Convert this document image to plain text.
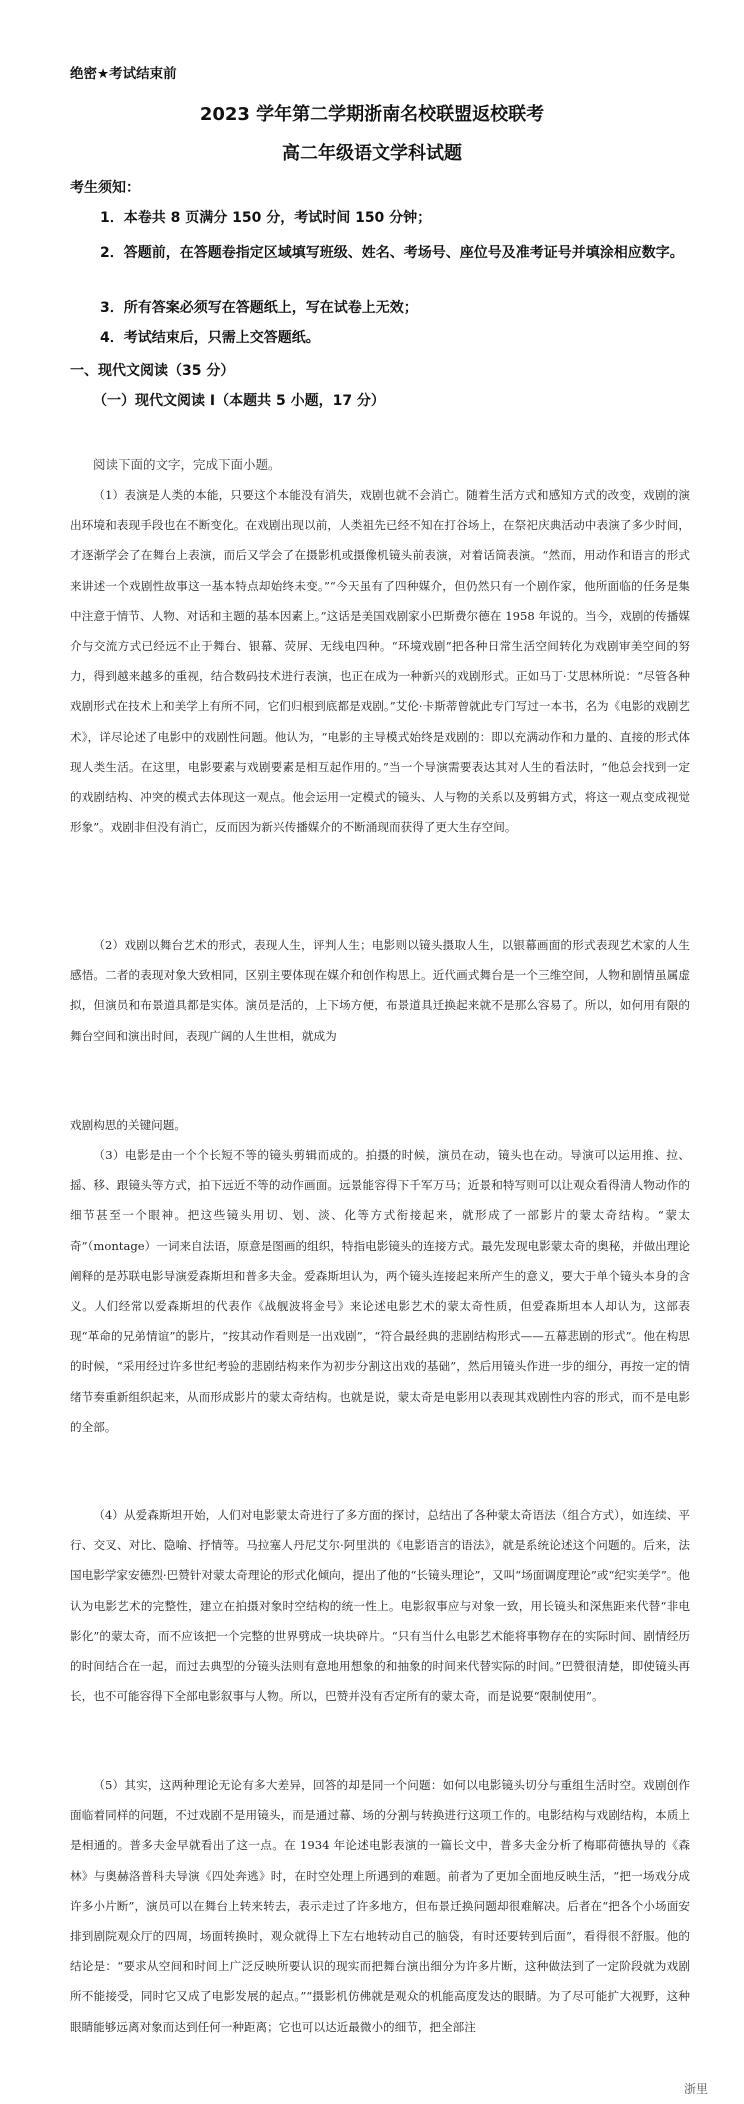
绝密★考试结束前
2023 学年第二学期浙南名校联盟返校联考
高二年级语文学科试题
考生须知：
1．本卷共 8 页满分 150 分，考试时间 150 分钟；
2．答题前，在答题卷指定区域填写班级、姓名、考场号、座位号及准考证号并填涂相应数字。
3．所有答案必须写在答题纸上，写在试卷上无效；
4．考试结束后，只需上交答题纸。
一、现代文阅读（35 分）
（一）现代文阅读 I（本题共 5 小题，17 分）
阅读下面的文字，完成下面小题。

（1）表演是人类的本能，只要这个本能没有消失，戏剧也就不会消亡。随着生活方式和感知方式的改变，戏剧的演出环境和表现手段也在不断变化。在戏剧出现以前，人类祖先已经不知在打谷场上，在祭祀庆典活动中表演了多少时间，才逐渐学会了在舞台上表演，而后又学会了在摄影机或摄像机镜头前表演，对着话筒表演。“然而，用动作和语言的形式来讲述一个戏剧性故事这一基本特点却始终未变。”“今天虽有了四种媒介，但仍然只有一个剧作家，他所面临的任务是集中注意于情节、人物、对话和主题的基本因素上。”这话是美国戏剧家小巴斯费尔德在 1958 年说的。当今，戏剧的传播媒介与交流方式已经远不止于舞台、银幕、荧屏、无线电四种。“环境戏剧”把各种日常生活空间转化为戏剧审美空间的努力，得到越来越多的重视，结合数码技术进行表演，也正在成为一种新兴的戏剧形式。正如马丁·艾思林所说：“尽管各种戏剧形式在技术上和美学上有所不同，它们归根到底都是戏剧。”艾伦·卡斯蒂曾就此专门写过一本书，名为《电影的戏剧艺术》，详尽论述了电影中的戏剧性问题。他认为，“电影的主导模式始终是戏剧的：即以充满动作和力量的、直接的形式体现人类生活。在这里，电影要素与戏剧要素是相互起作用的。”当一个导演需要表达其对人生的看法时，“他总会找到一定的戏剧结构、冲突的模式去体现这一观点。他会运用一定模式的镜头、人与物的关系以及剪辑方式，将这一观点变成视觉形象”。戏剧非但没有消亡，反而因为新兴传播媒介的不断涌现而获得了更大生存空间。

（2）戏剧以舞台艺术的形式，表现人生，评判人生；电影则以镜头摄取人生，以银幕画面的形式表现艺术家的人生感悟。二者的表现对象大致相同，区别主要体现在媒介和创作构思上。近代画式舞台是一个三维空间，人物和剧情虽属虚拟，但演员和布景道具都是实体。演员是活的，上下场方便，布景道具迁换起来就不是那么容易了。所以，如何用有限的舞台空间和演出时间，表现广阔的人生世相，就成为

戏剧构思的关键问题。

（3）电影是由一个个长短不等的镜头剪辑而成的。拍摄的时候，演员在动，镜头也在动。导演可以运用推、拉、摇、移、跟镜头等方式，拍下远近不等的动作画面。远景能容得下千军万马；近景和特写则可以让观众看得清人物动作的细节甚至一个眼神。把这些镜头用切、划、淡、化等方式衔接起来，就形成了一部影片的蒙太奇结构。“蒙太奇”（montage）一词来自法语，原意是图画的组织，特指电影镜头的连接方式。最先发现电影蒙太奇的奥秘，并做出理论阐释的是苏联电影导演爱森斯坦和普多夫金。爱森斯坦认为，两个镜头连接起来所产生的意义，要大于单个镜头本身的含义。人们经常以爱森斯坦的代表作《战舰波将金号》来论述电影艺术的蒙太奇性质，但爱森斯坦本人却认为，这部表现“革命的兄弟情谊”的影片，“按其动作看则是一出戏剧”，“符合最经典的悲剧结构形式——五幕悲剧的形式”。他在构思的时候，“采用经过许多世纪考验的悲剧结构来作为初步分割这出戏的基础”，然后用镜头作进一步的细分，再按一定的情绪节奏重新组织起来，从而形成影片的蒙太奇结构。也就是说，蒙太奇是电影用以表现其戏剧性内容的形式，而不是电影的全部。

（4）从爱森斯坦开始，人们对电影蒙太奇进行了多方面的探讨，总结出了各种蒙太奇语法（组合方式），如连续、平行、交叉、对比、隐喻、抒情等。马拉塞人丹尼艾尔·阿里洪的《电影语言的语法》，就是系统论述这个问题的。后来，法国电影学家安德烈·巴赞针对蒙太奇理论的形式化倾向，提出了他的“长镜头理论”，又叫“场面调度理论”或“纪实美学”。他认为电影艺术的完整性，建立在拍摄对象时空结构的统一性上。电影叙事应与对象一致，用长镜头和深焦距来代替“非电影化”的蒙太奇，而不应该把一个完整的世界劈成一块块碎片。“只有当什么电影艺术能将事物存在的实际时间、剧情经历的时间结合在一起，而过去典型的分镜头法则有意地用想象的和抽象的时间来代替实际的时间。”巴赞很清楚，即使镜头再长，也不可能容得下全部电影叙事与人物。所以，巴赞并没有否定所有的蒙太奇，而是说要“限制使用”。

（5）其实，这两种理论无论有多大差异，回答的却是同一个问题：如何以电影镜头切分与重组生活时空。戏剧创作面临着同样的问题，不过戏剧不是用镜头，而是通过幕、场的分割与转换进行这项工作的。电影结构与戏剧结构，本质上是相通的。普多夫金早就看出了这一点。在 1934 年论述电影表演的一篇长文中，普多夫金分析了梅耶荷德执导的《森林》与奥赫洛普科夫导演《四处奔逃》时，在时空处理上所遇到的难题。前者为了更加全面地反映生活，“把一场戏分成许多小片断”，演员可以在舞台上转来转去，表示走过了许多地方，但布景迁换问题却很难解决。后者在“把各个小场面安排到剧院观众厅的四周，场面转换时，观众就得上下左右地转动自己的脑袋，有时还要转到后面”，看得很不舒服。他的结论是：“要求从空间和时间上广泛反映所要认识的现实而把舞台演出细分为许多片断，这种做法到了一定阶段就为戏剧所不能接受，同时它又成了电影发展的起点。”“摄影机仿佛就是观众的机能高度发达的眼睛。为了尽可能扩大视野，这种眼睛能够远离对象而达到任何一种距离；它也可以达近最微小的细节，把全部注

浙里
